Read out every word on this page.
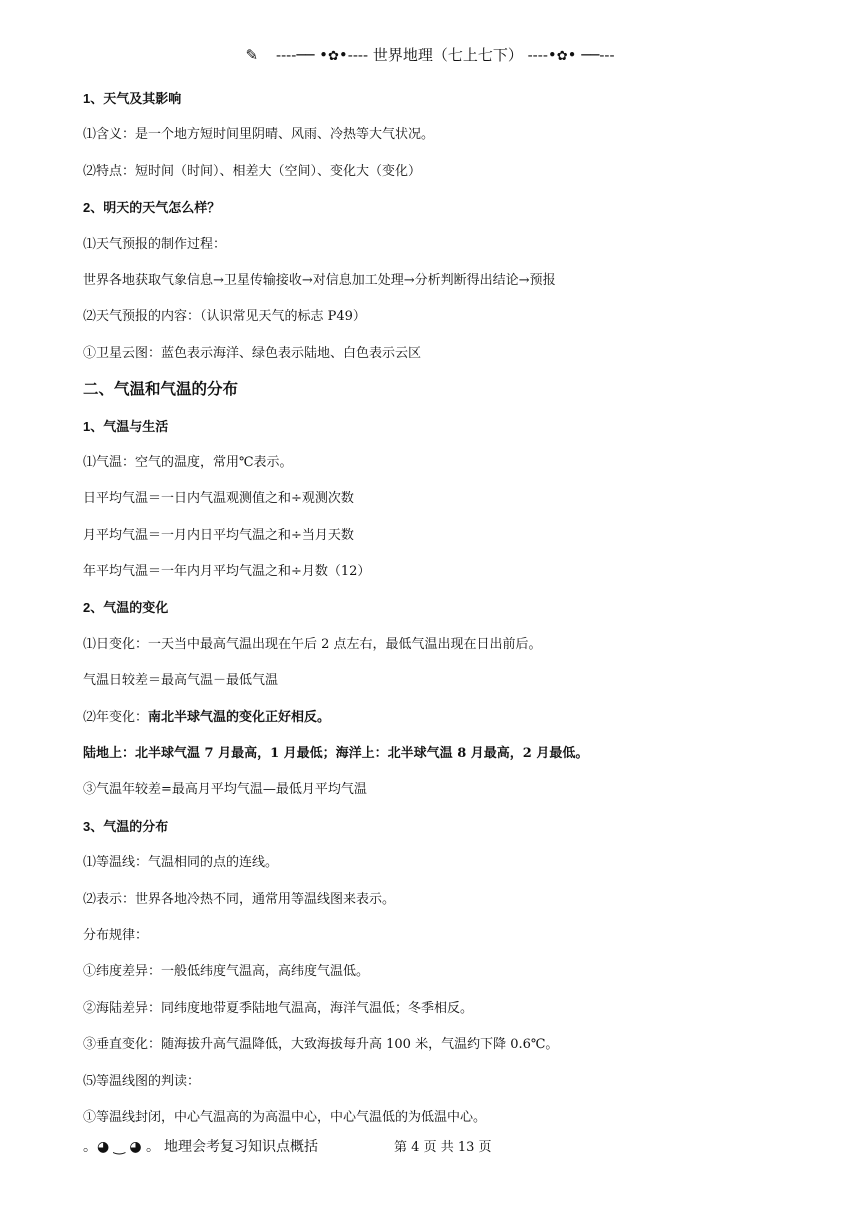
✎ ----── •✿•---- 世界地理（七上七下） ----•✿• ──---
1、天气及其影响
⑴含义：是一个地方短时间里阴晴、风雨、冷热等大气状况。
⑵特点：短时间（时间）、相差大（空间）、变化大（变化）
2、明天的天气怎么样？
⑴天气预报的制作过程：
世界各地获取气象信息→卫星传输接收→对信息加工处理→分析判断得出结论→预报
⑵天气预报的内容：（认识常见天气的标志 P49）
①卫星云图：蓝色表示海洋、绿色表示陆地、白色表示云区
二、气温和气温的分布
1、气温与生活
⑴气温：空气的温度，常用℃表示。
日平均气温＝一日内气温观测值之和÷观测次数
月平均气温＝一月内日平均气温之和÷当月天数
年平均气温＝一年内月平均气温之和÷月数（12）
2、气温的变化
⑴日变化：一天当中最高气温出现在午后 2 点左右，最低气温出现在日出前后。
气温日较差＝最高气温－最低气温
⑵年变化：南北半球气温的变化正好相反。
陆地上：北半球气温 7 月最高，1 月最低；海洋上：北半球气温 8 月最高，2 月最低。
③气温年较差=最高月平均气温—最低月平均气温
3、气温的分布
⑴等温线：气温相同的点的连线。
⑵表示：世界各地冷热不同，通常用等温线图来表示。
分布规律：
①纬度差异：一般低纬度气温高，高纬度气温低。
②海陆差异：同纬度地带夏季陆地气温高，海洋气温低；冬季相反。
③垂直变化：随海拔升高气温降低，大致海拔每升高 100 米，气温约下降 0.6℃。
⑸等温线图的判读：
①等温线封闭，中心气温高的为高温中心，中心气温低的为低温中心。
。◕ ‿ ◕ 。 地理会考复习知识点概括	第 4 页 共 13 页
